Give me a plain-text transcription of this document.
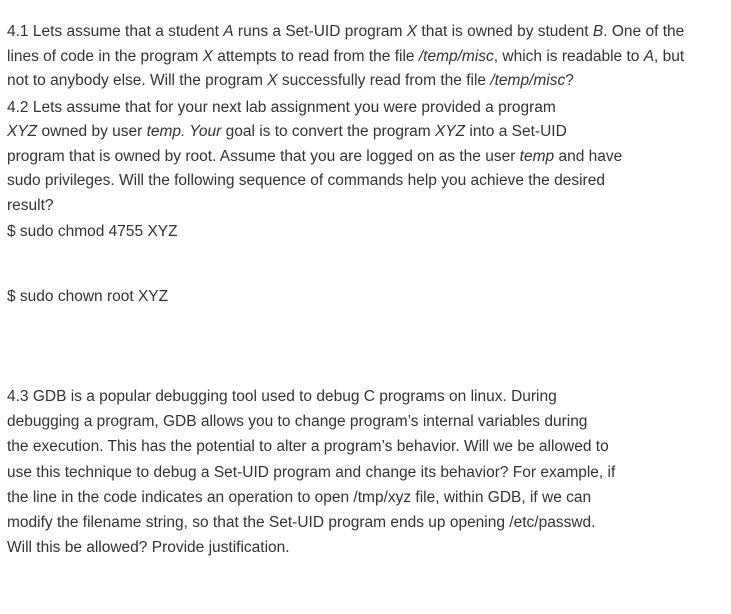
4.1 Lets assume that a student A runs a Set-UID program X that is owned by student B. One of the
lines of code in the program X attempts to read from the file /temp/misc, which is readable to A, but
not to anybody else. Will the program X successfully read from the file /temp/misc?
4.2 Lets assume that for your next lab assignment you were provided a program
XYZ owned by user temp. Your goal is to convert the program XYZ into a Set-UID
program that is owned by root. Assume that you are logged on as the user temp and have
sudo privileges. Will the following sequence of commands help you achieve the desired
result?
$ sudo chmod 4755 XYZ
$ sudo chown root XYZ
4.3 GDB is a popular debugging tool used to debug C programs on linux. During
debugging a program, GDB allows you to change program’s internal variables during
the execution. This has the potential to alter a program’s behavior. Will we be allowed to
use this technique to debug a Set-UID program and change its behavior? For example, if
the line in the code indicates an operation to open /tmp/xyz file, within GDB, if we can
modify the filename string, so that the Set-UID program ends up opening /etc/passwd.
Will this be allowed? Provide justification.
